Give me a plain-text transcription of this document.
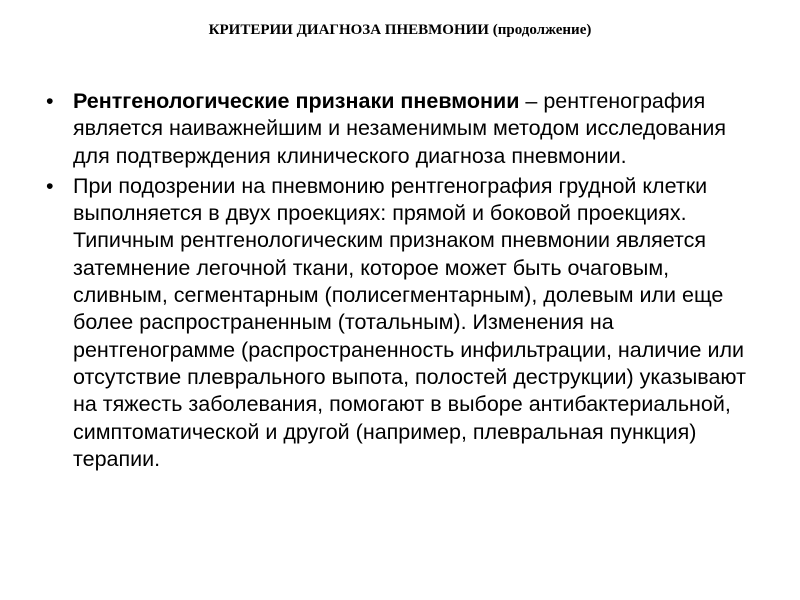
КРИТЕРИИ ДИАГНОЗА ПНЕВМОНИИ (продолжение)
• Рентгенологические признаки пневмонии – рентгенография является наиважнейшим и незаменимым методом исследования для подтверждения клинического диагноза пневмонии.
• При подозрении на пневмонию рентгенография грудной клетки выполняется в двух проекциях: прямой и боковой проекциях. Типичным рентгенологическим признаком пневмонии является затемнение легочной ткани, которое может быть очаговым, сливным, сегментарным (полисегментарным), долевым или еще более распространенным (тотальным). Изменения на рентгенограмме (распространенность инфильтрации, наличие или отсутствие плеврального выпота, полостей деструкции) указывают на тяжесть заболевания, помогают в выборе антибактериальной, симптоматической и другой (например, плевральная пункция) терапии.
